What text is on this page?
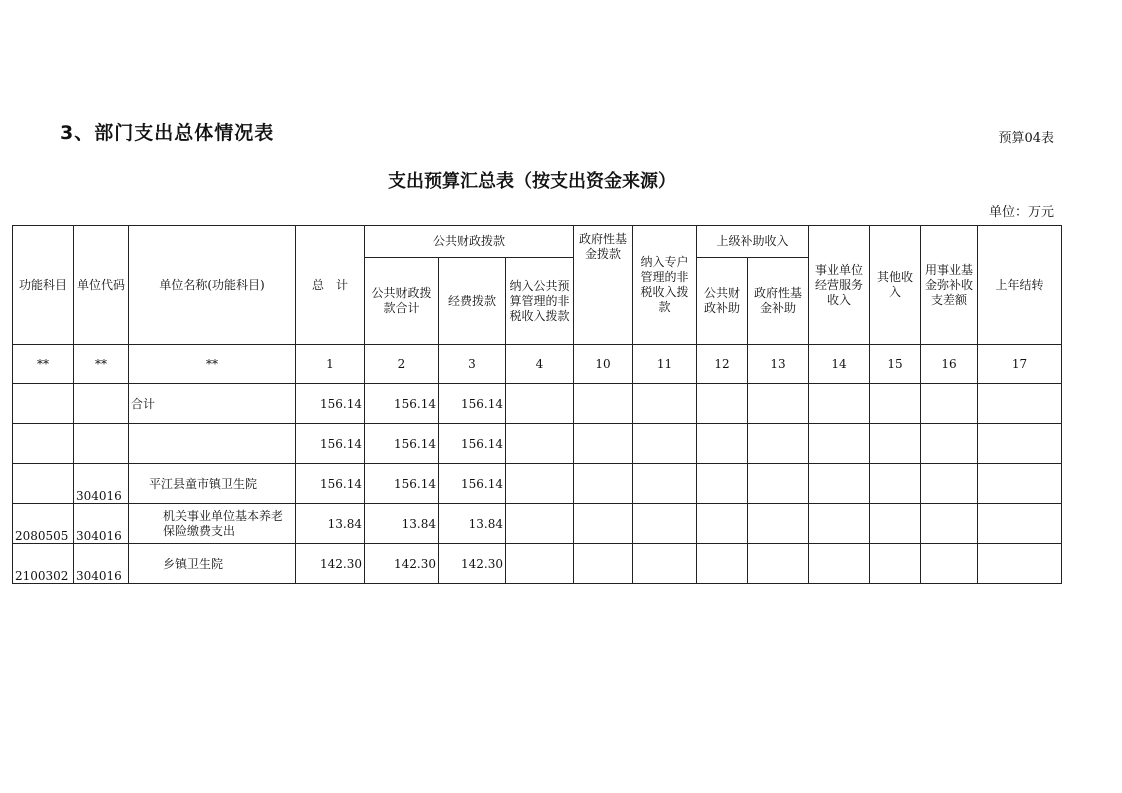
3、部门支出总体情况表	预算04表
支出预算汇总表（按支出资金来源）
单位：万元
功能科目	单位代码	单位名称(功能科目)	总　计	公共财政拨款			政府性基金拨款	纳入专户管理的非税收入拨款	上级补助收入		事业单位经营服务收入	其他收入	用事业基金弥补收支差额	上年结转
				公共财政拨款合计	经费拨款	纳入公共预算管理的非税收入拨款			公共财政补助	政府性基金补助				
**	**	**	1	2	3	4	10	11	12	13	14	15	16	17
		合计	156.14	156.14	156.14									
			156.14	156.14	156.14									
	304016	平江县童市镇卫生院	156.14	156.14	156.14									
2080505	304016	机关事业单位基本养老保险缴费支出	13.84	13.84	13.84									
2100302	304016	乡镇卫生院	142.30	142.30	142.30									
